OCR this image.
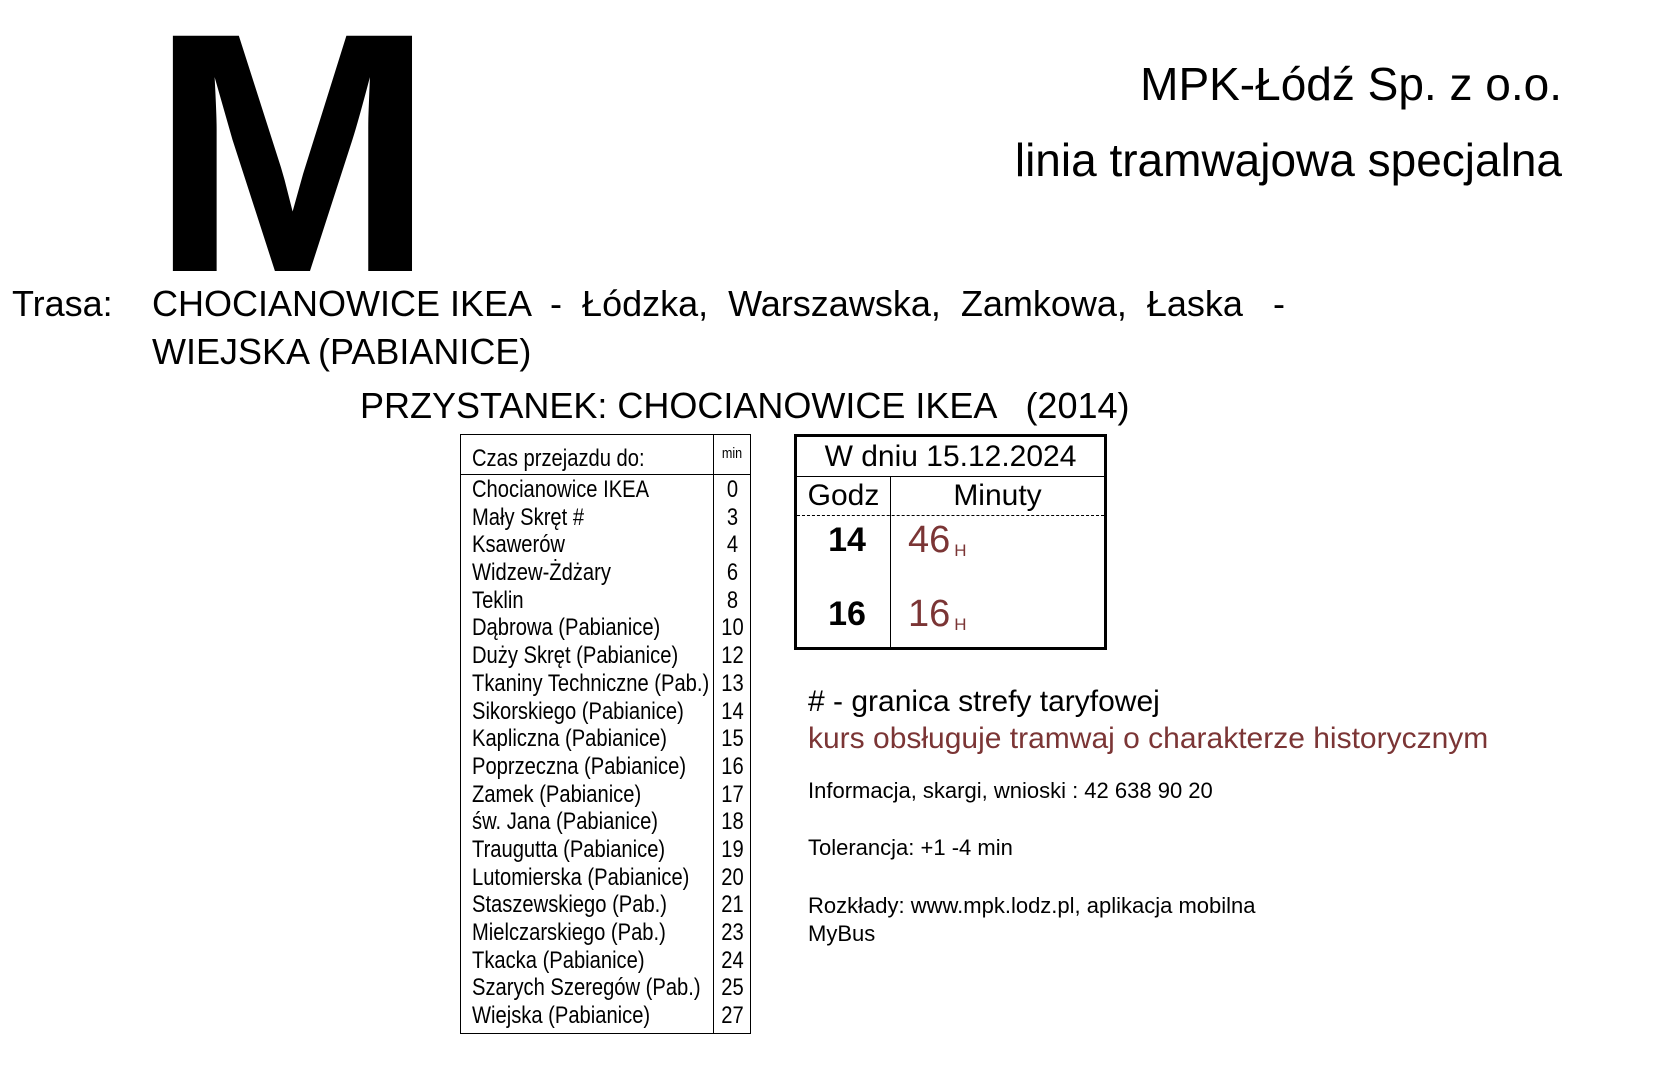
M	MPK-Łódź Sp. z o.o.
linia tramwajowa specjalna
Trasa: CHOCIANOWICE IKEA  -  Łódzka,  Warszawska,  Zamkowa,  Łaska   -
WIEJSKA (PABIANICE)
PRZYSTANEK: CHOCIANOWICE IKEA   (2014)
Czas przejazdu do:	min
Chocianowice IKEA	0
Mały Skręt #	3
Ksawerów	4
Widzew-Żdżary	6
Teklin	8
Dąbrowa (Pabianice)	10
Duży Skręt (Pabianice) 12
Tkaniny Techniczne (Pab.) 13
Sikorskiego (Pabianice) 14
Kapliczna (Pabianice) 15
Poprzeczna (Pabianice) 16
Zamek (Pabianice)	17
św. Jana (Pabianice)	18
Traugutta (Pabianice) 19
Lutomierska (Pabianice) 20
Staszewskiego (Pab.) 21
Mielczarskiego (Pab.) 23
Tkacka (Pabianice)	24
Szarych Szeregów (Pab.) 25
Wiejska (Pabianice)	27
W dniu 15.12.2024
Godz	Minuty
14	46 H
16	16 H
# - granica strefy taryfowej
kurs obsługuje tramwaj o charakterze historycznym
Informacja, skargi, wnioski : 42 638 90 20
Tolerancja: +1 -4 min
Rozkłady: www.mpk.lodz.pl, aplikacja mobilna MyBus
